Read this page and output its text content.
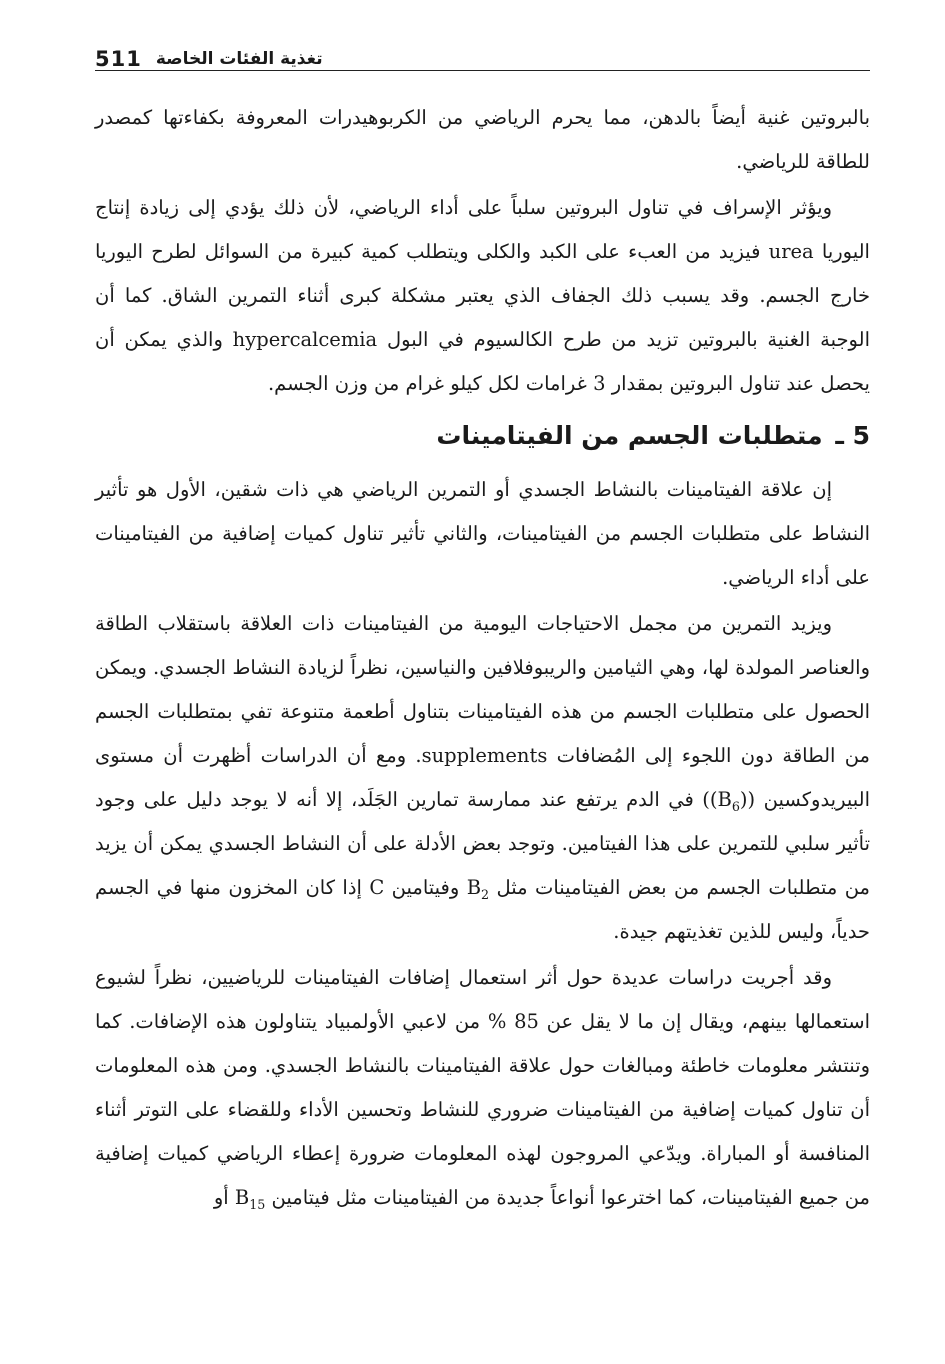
511 تغذية الفئات الخاصة

بالبروتين غنية أيضاً بالدهن، مما يحرم الرياضي من الكربوهيدرات المعروفة بكفاءتها كمصدر للطاقة للرياضي.

ويؤثر الإسراف في تناول البروتين سلباً على أداء الرياضي، لأن ذلك يؤدي إلى زيادة إنتاج اليوريا urea فيزيد من العبء على الكبد والكلى ويتطلب كمية كبيرة من السوائل لطرح اليوريا خارج الجسم. وقد يسبب ذلك الجفاف الذي يعتبر مشكلة كبرى أثناء التمرين الشاق. كما أن الوجبة الغنية بالبروتين تزيد من طرح الكالسيوم في البول hypercalcemia والذي يمكن أن يحصل عند تناول البروتين بمقدار 3 غرامات لكل كيلو غرام من وزن الجسم.

5 ـ متطلبات الجسم من الفيتامينات

إن علاقة الفيتامينات بالنشاط الجسدي أو التمرين الرياضي هي ذات شقين، الأول هو تأثير النشاط على متطلبات الجسم من الفيتامينات، والثاني تأثير تناول كميات إضافية من الفيتامينات على أداء الرياضي.

ويزيد التمرين من مجمل الاحتياجات اليومية من الفيتامينات ذات العلاقة باستقلاب الطاقة والعناصر المولدة لها، وهي الثيامين والريبوفلافين والنياسين، نظراً لزيادة النشاط الجسدي. ويمكن الحصول على متطلبات الجسم من هذه الفيتامينات بتناول أطعمة متنوعة تفي بمتطلبات الجسم من الطاقة دون اللجوء إلى المُضافات supplements. ومع أن الدراسات أظهرت أن مستوى البيريدوكسين $((B_6))$ في الدم يرتفع عند ممارسة تمارين الجَلَد، إلا أنه لا يوجد دليل على وجود تأثير سلبي للتمرين على هذا الفيتامين. وتوجد بعض الأدلة على أن النشاط الجسدي يمكن أن يزيد من متطلبات الجسم من بعض الفيتامينات مثل $B_2$ وفيتامين C إذا كان المخزون منها في الجسم حدياً، وليس للذين تغذيتهم جيدة.

وقد أجريت دراسات عديدة حول أثر استعمال إضافات الفيتامينات للرياضيين، نظراً لشيوع استعمالها بينهم، ويقال إن ما لا يقل عن 85 % من لاعبي الأولمبياد يتناولون هذه الإضافات. كما وتنتشر معلومات خاطئة ومبالغات حول علاقة الفيتامينات بالنشاط الجسدي. ومن هذه المعلومات أن تناول كميات إضافية من الفيتامينات ضروري للنشاط وتحسين الأداء وللقضاء على التوتر أثناء المنافسة أو المباراة. ويدّعي المروجون لهذه المعلومات ضرورة إعطاء الرياضي كميات إضافية من جميع الفيتامينات، كما اخترعوا أنواعاً جديدة من الفيتامينات مثل فيتامين $B_{15}$ أو
